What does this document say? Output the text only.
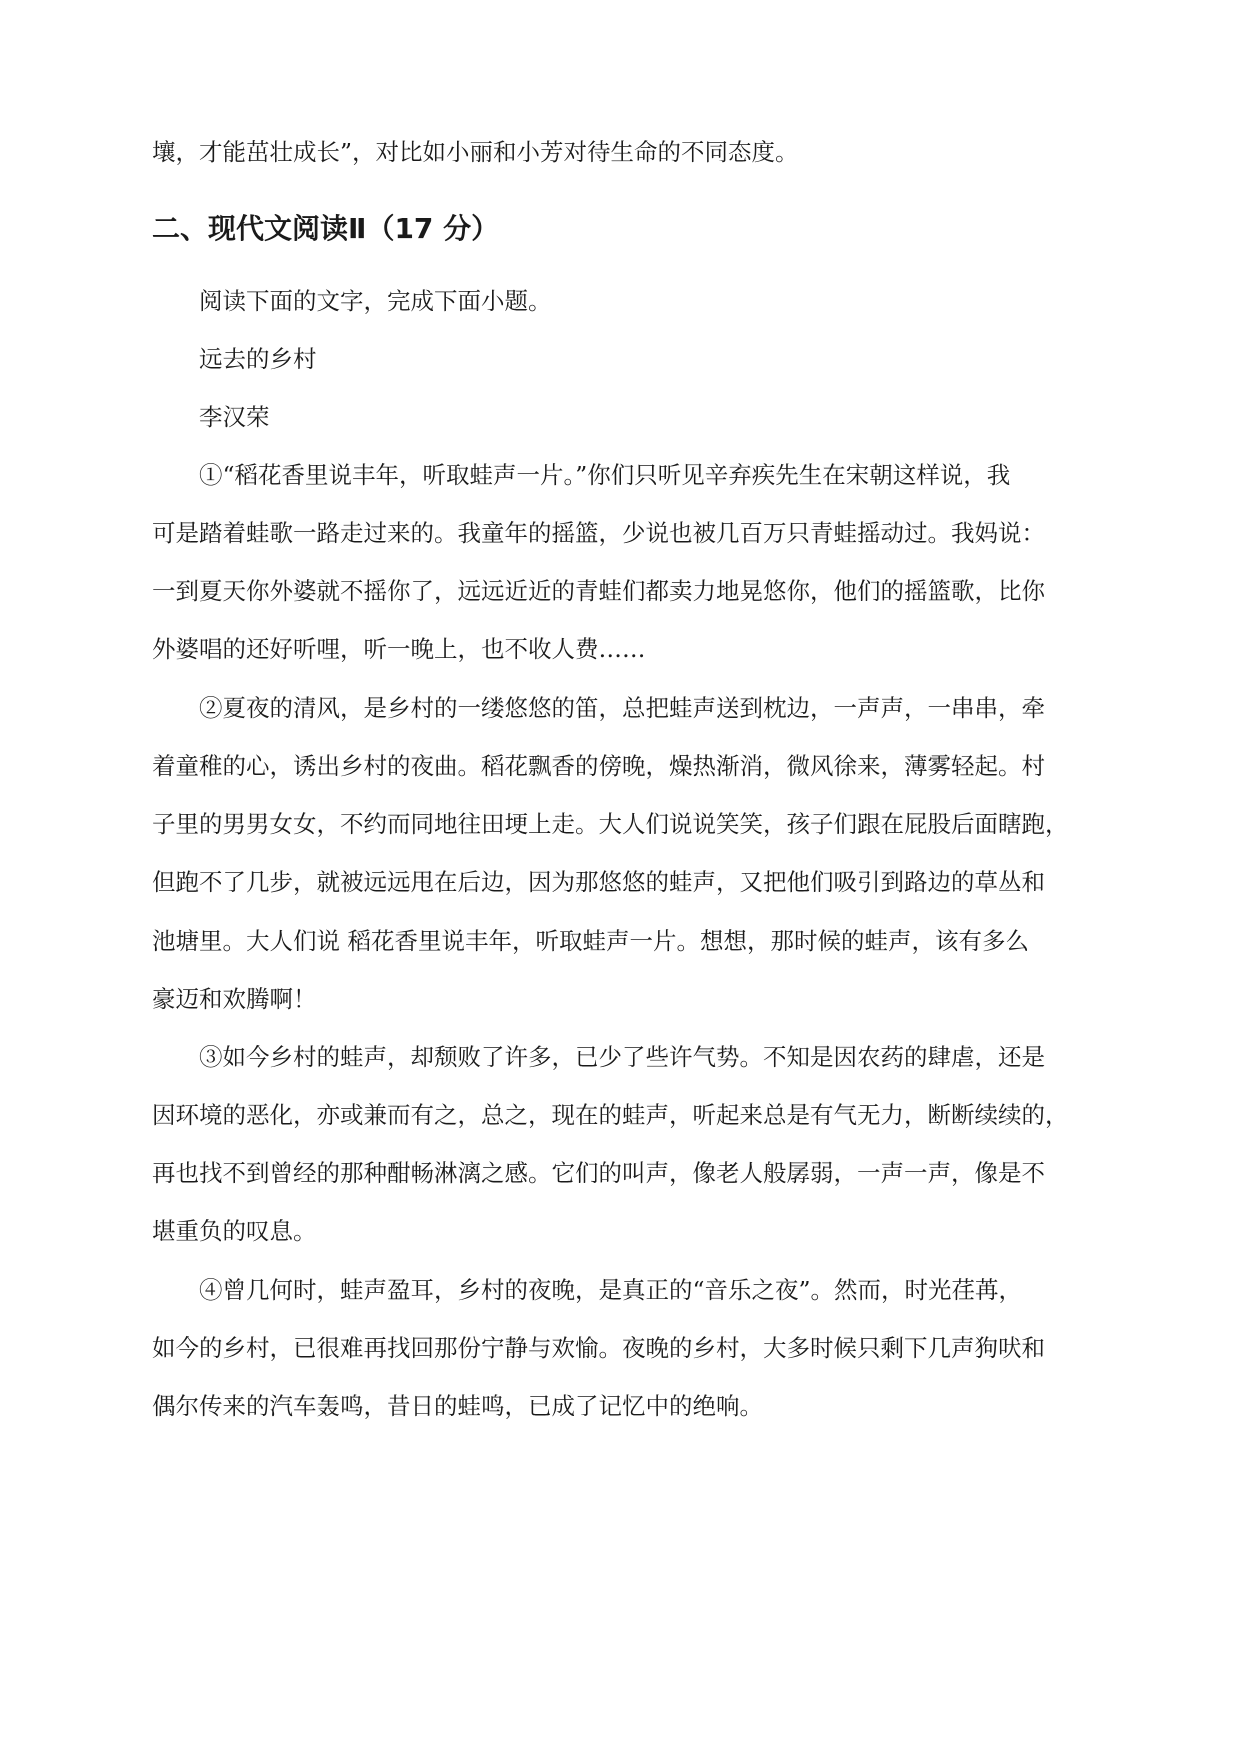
壤，才能茁壮成长”，对比如小丽和小芳对待生命的不同态度。
二、现代文阅读Ⅱ（17 分）
阅读下面的文字，完成下面小题。
远去的乡村
李汉荣
①“稻花香里说丰年，听取蛙声一片。”你们只听见辛弃疾先生在宋朝这样说，我
可是踏着蛙歌一路走过来的。我童年的摇篮，少说也被几百万只青蛙摇动过。我妈说：
一到夏天你外婆就不摇你了，远远近近的青蛙们都卖力地晃悠你，他们的摇篮歌，比你
外婆唱的还好听哩，听一晚上，也不收人费……
②夏夜的清风，是乡村的一缕悠悠的笛，总把蛙声送到枕边，一声声，一串串，牵
着童稚的心，诱出乡村的夜曲。稻花飘香的傍晚，燥热渐消，微风徐来，薄雾轻起。村
子里的男男女女，不约而同地往田埂上走。大人们说说笑笑，孩子们跟在屁股后面瞎跑，
但跑不了几步，就被远远甩在后边，因为那悠悠的蛙声，又把他们吸引到路边的草丛和
池塘里。大人们说 稻花香里说丰年，听取蛙声一片。想想，那时候的蛙声，该有多么
豪迈和欢腾啊！
③如今乡村的蛙声，却颓败了许多，已少了些许气势。不知是因农药的肆虐，还是
因环境的恶化，亦或兼而有之，总之，现在的蛙声，听起来总是有气无力，断断续续的，
再也找不到曾经的那种酣畅淋漓之感。它们的叫声，像老人般孱弱，一声一声，像是不
堪重负的叹息。
④曾几何时，蛙声盈耳，乡村的夜晚，是真正的“音乐之夜”。然而，时光荏苒，
如今的乡村，已很难再找回那份宁静与欢愉。夜晚的乡村，大多时候只剩下几声狗吠和
偶尔传来的汽车轰鸣，昔日的蛙鸣，已成了记忆中的绝响。
